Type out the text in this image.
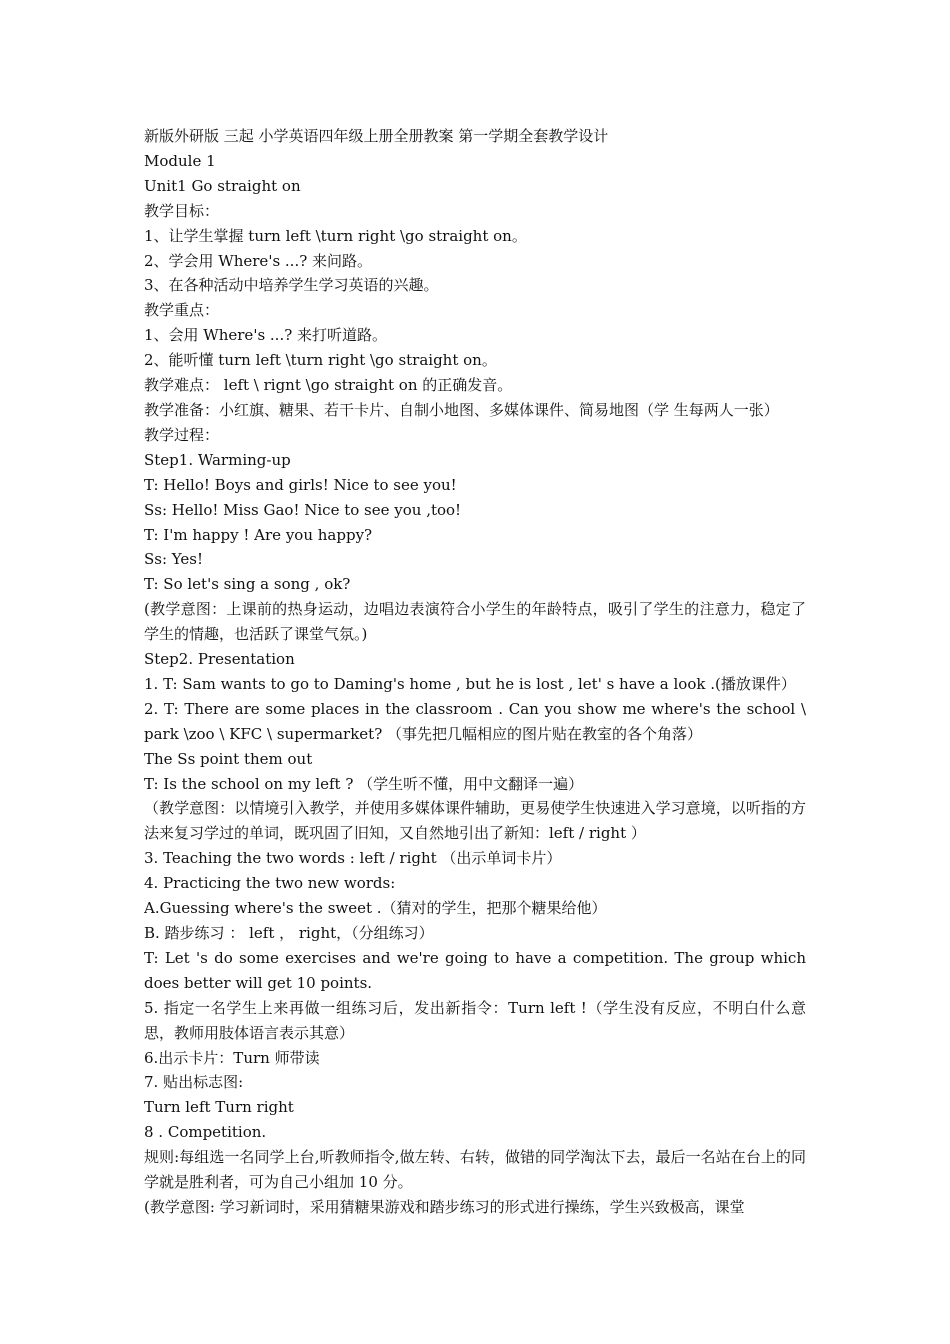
新版外研版 三起 小学英语四年级上册全册教案 第一学期全套教学设计

Module 1

Unit1 Go straight on

教学目标：

1、让学生掌握 turn left \turn right \go straight on。

2、学会用 Where's ...? 来问路。

3、在各种活动中培养学生学习英语的兴趣。

教学重点：

1、会用 Where's ...? 来打听道路。

2、能听懂 turn left \turn right \go straight on。

教学难点： left \ rignt \go straight on 的正确发音。

教学准备：小红旗、糖果、若干卡片、自制小地图、多媒体课件、简易地图（学 生每两人一张）

教学过程：

Step1. Warming-up

T: Hello! Boys and girls! Nice to see you!

Ss: Hello! Miss Gao! Nice to see you ,too!

T: I'm happy ! Are you happy?

Ss: Yes!

T: So let's sing a song , ok?

(教学意图：上课前的热身运动，边唱边表演符合小学生的年龄特点，吸引了学生的注意力，稳定了学生的情趣，也活跃了课堂气氛。)

Step2. Presentation

1. T: Sam wants to go to Daming's home , but he is lost , let' s have a look .(播放课件）

2. T: There are some places in the classroom . Can you show me where's the school \ park \zoo \ KFC \ supermarket? （事先把几幅相应的图片贴在教室的各个角落）

The Ss point them out

T: Is the school on my left ? （学生听不懂，用中文翻译一遍）

（教学意图：以情境引入教学，并使用多媒体课件辅助，更易使学生快速进入学习意境，以听指的方法来复习学过的单词，既巩固了旧知，又自然地引出了新知：left / right ）

3. Teaching the two words : left / right （出示单词卡片）

4. Practicing the two new words:

A.Guessing where's the sweet .（猜对的学生，把那个糖果给他）

B. 踏步练习 ： left ， right，（分组练习）

T: Let 's do some exercises and we're going to have a competition. The group which does better will get 10 points.

5. 指定一名学生上来再做一组练习后，发出新指令：Turn left !（学生没有反应，不明白什么意思，教师用肢体语言表示其意）

6.出示卡片：Turn 师带读

7. 贴出标志图:

Turn left Turn right

8 . Competition.

规则:每组选一名同学上台,听教师指令,做左转、右转，做错的同学淘汰下去，最后一名站在台上的同学就是胜利者，可为自己小组加 10 分。

(教学意图: 学习新词时，采用猜糖果游戏和踏步练习的形式进行操练，学生兴致极高，课堂
